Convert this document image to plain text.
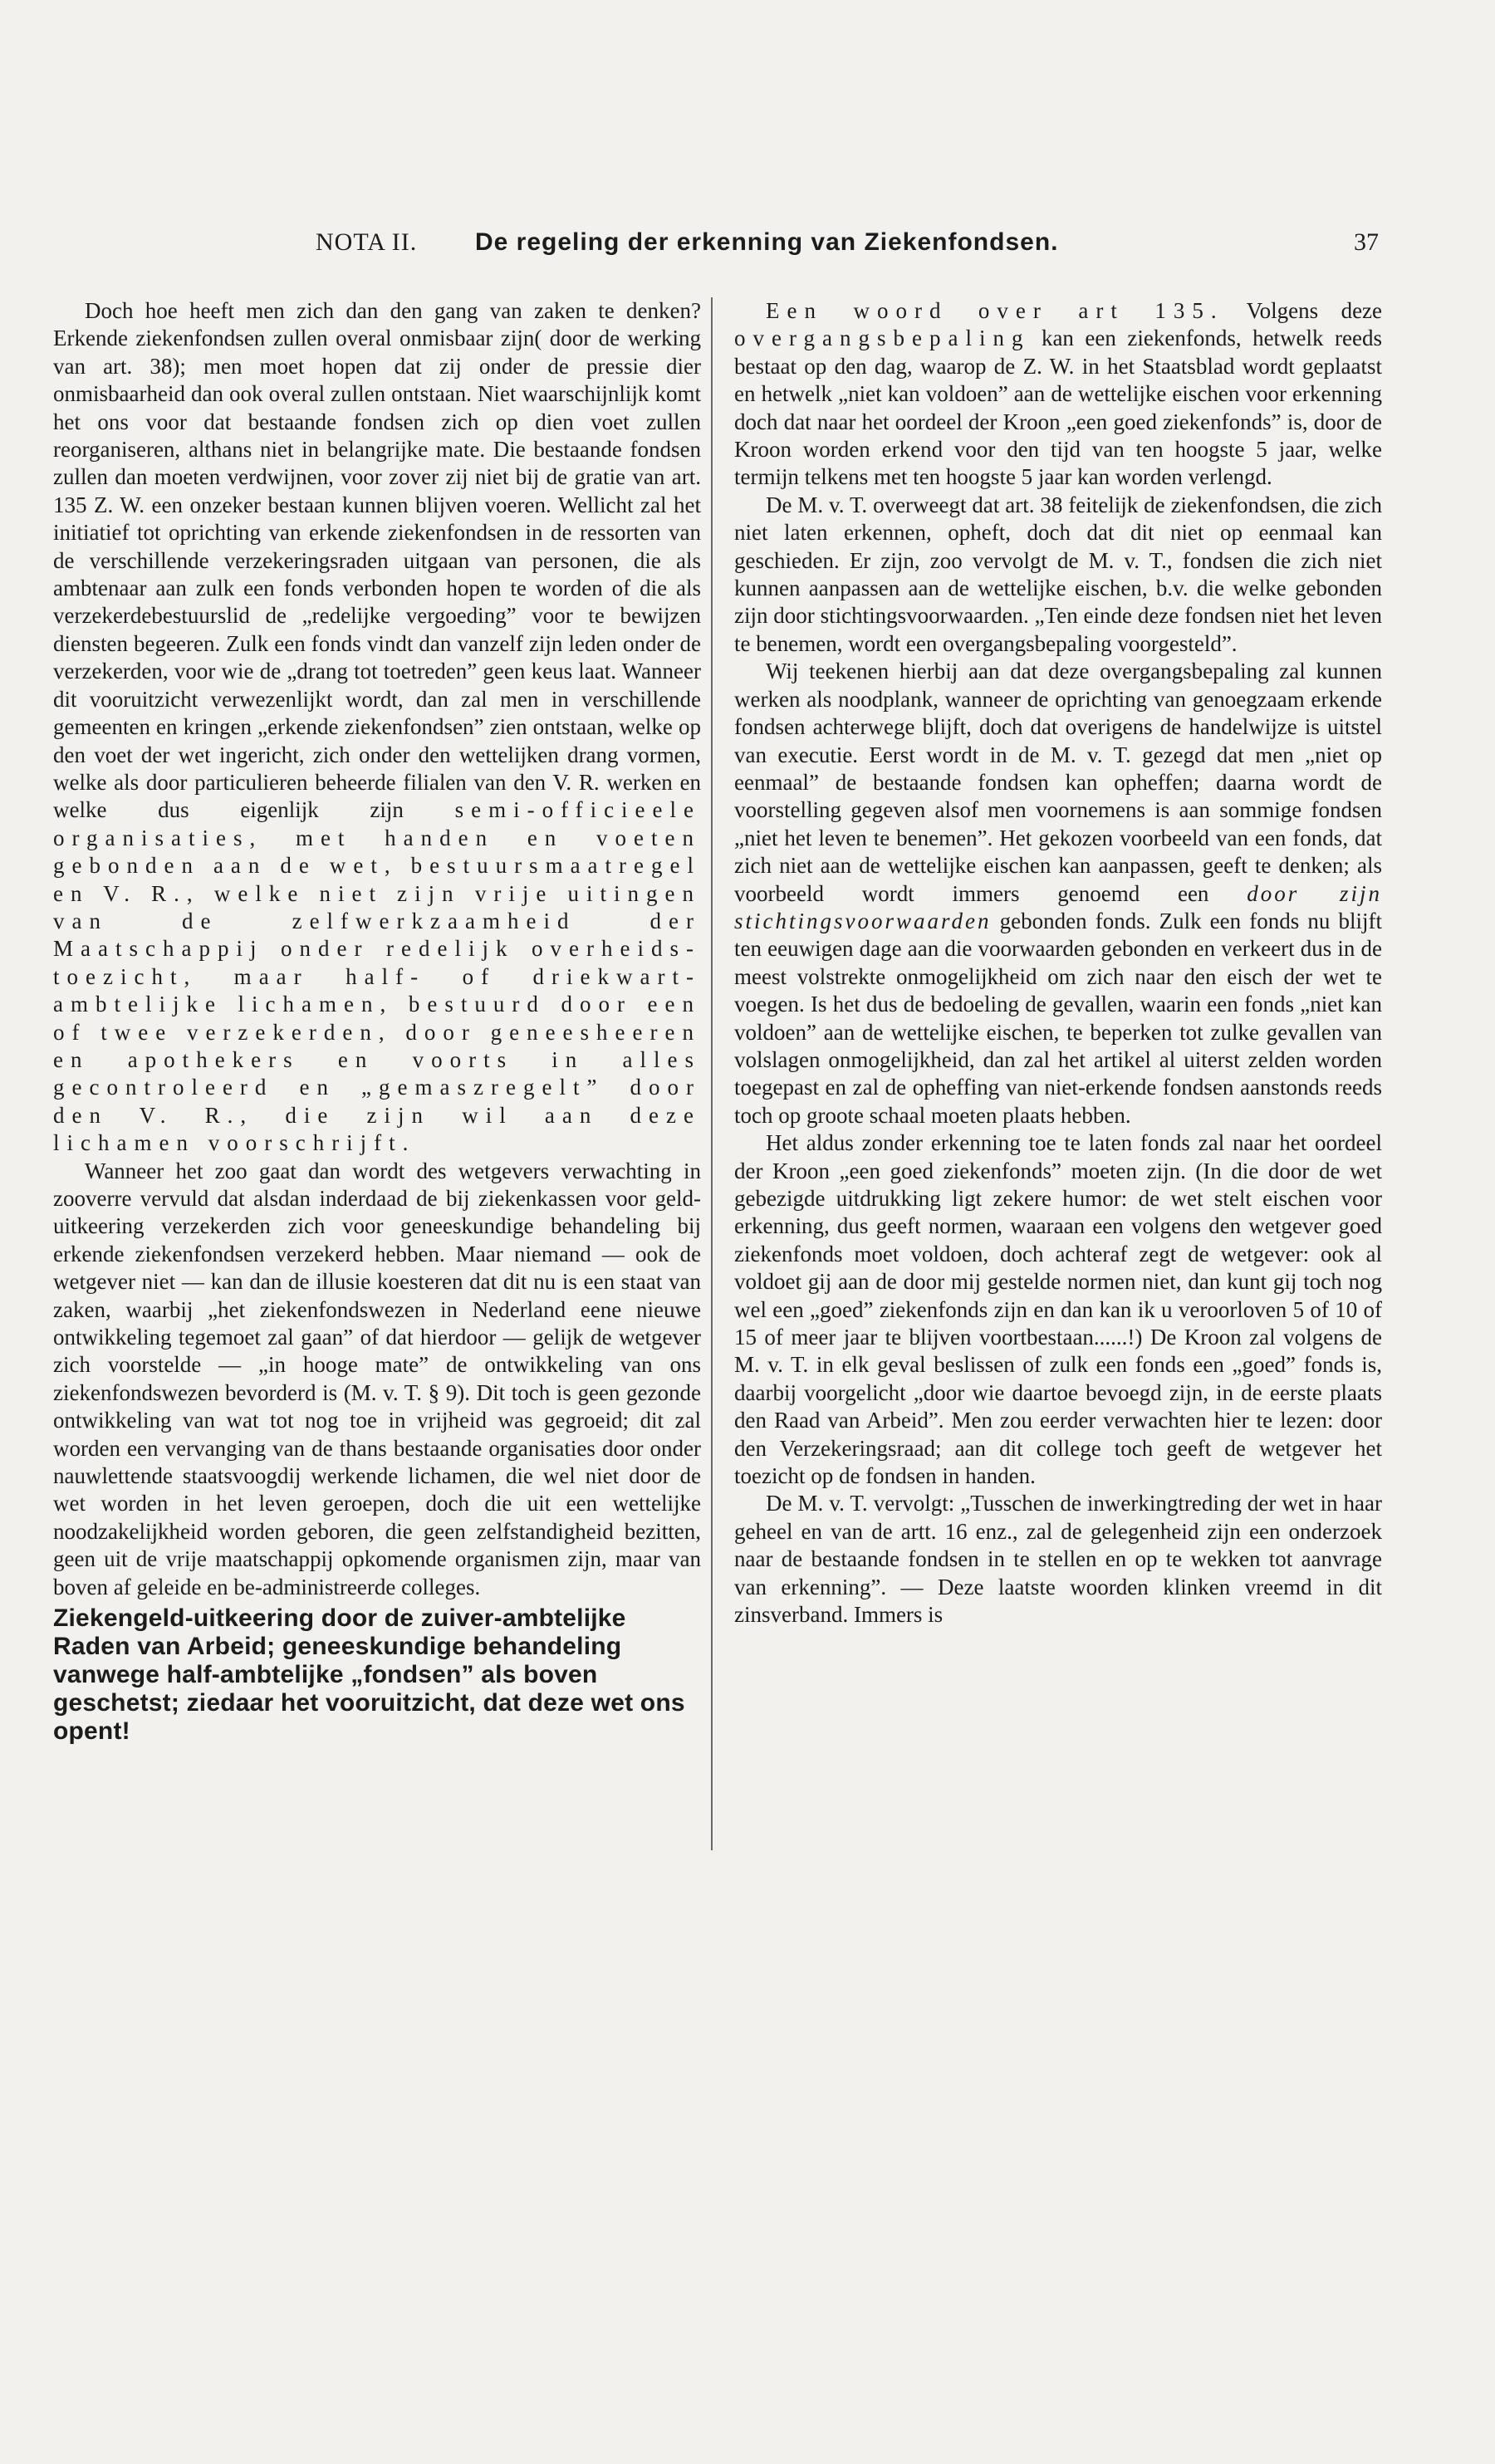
NOTA II. De regeling der erkenning van Ziekenfondsen.	37

Doch hoe heeft men zich dan den gang van zaken te denken? Erkende ziekenfondsen zullen overal onmisbaar zijn( door de werking van art. 38); men moet hopen dat zij onder de pressie dier onmisbaarheid dan ook overal zullen ontstaan. Niet waarschijnlijk komt het ons voor dat bestaande fondsen zich op dien voet zullen reorganiseren, althans niet in belangrijke mate. Die bestaande fondsen zullen dan moeten verdwijnen, voor zover zij niet bij de gratie van art. 135 Z. W. een onzeker bestaan kunnen blijven voeren. Wellicht zal het initiatief tot oprichting van erkende ziekenfondsen in de ressorten van de verschillende verzekeringsraden uitgaan van personen, die als ambtenaar aan zulk een fonds verbonden hopen te worden of die als verzekerdebestuurslid de „redelijke vergoeding” voor te bewijzen diensten begeeren. Zulk een fonds vindt dan vanzelf zijn leden onder de verzekerden, voor wie de „drang tot toetreden” geen keus laat. Wanneer dit vooruitzicht verwezenlijkt wordt, dan zal men in verschillende gemeenten en kringen „erkende ziekenfondsen” zien ontstaan, welke op den voet der wet ingericht, zich onder den wettelijken drang vormen, welke als door particulieren beheerde filialen van den V. R. werken en welke dus eigenlijk zijn semi-officieele organisaties, met handen en voeten gebonden aan de wet, bestuursmaatregel en V. R., welke niet zijn vrije uitingen van de zelfwerkzaamheid der Maatschappij onder redelijk overheids-toezicht, maar half- of driekwart-ambtelijke lichamen, bestuurd door een of twee verzekerden, door geneesheeren en apothekers en voorts in alles gecontroleerd en „gemaszregelt” door den V. R., die zijn wil aan deze lichamen voorschrijft.

Wanneer het zoo gaat dan wordt des wetgevers verwachting in zooverre vervuld dat alsdan inderdaad de bij ziekenkassen voor geld-uitkeering verzekerden zich voor geneeskundige behandeling bij erkende ziekenfondsen verzekerd hebben. Maar niemand — ook de wetgever niet — kan dan de illusie koesteren dat dit nu is een staat van zaken, waarbij „het ziekenfondswezen in Nederland eene nieuwe ontwikkeling tegemoet zal gaan” of dat hierdoor — gelijk de wetgever zich voorstelde — „in hooge mate” de ontwikkeling van ons ziekenfondswezen bevorderd is (M. v. T. § 9). Dit toch is geen gezonde ontwikkeling van wat tot nog toe in vrijheid was gegroeid; dit zal worden een vervanging van de thans bestaande organisaties door onder nauwlettende staatsvoogdij werkende lichamen, die wel niet door de wet worden in het leven geroepen, doch die uit een wettelijke noodzakelijkheid worden geboren, die geen zelfstandigheid bezitten, geen uit de vrije maatschappij opkomende organismen zijn, maar van boven af geleide en be-administreerde colleges.

Ziekengeld-uitkeering door de zuiver-ambtelijke Raden van Arbeid; geneeskundige behandeling vanwege half-ambtelijke „fondsen” als boven geschetst; ziedaar het vooruitzicht, dat deze wet ons opent!

Een woord over art 135. Volgens deze overgangsbepaling kan een ziekenfonds, hetwelk reeds bestaat op den dag, waarop de Z. W. in het Staatsblad wordt geplaatst en hetwelk „niet kan voldoen” aan de wettelijke eischen voor erkenning doch dat naar het oordeel der Kroon „een goed ziekenfonds” is, door de Kroon worden erkend voor den tijd van ten hoogste 5 jaar, welke termijn telkens met ten hoogste 5 jaar kan worden verlengd.

De M. v. T. overweegt dat art. 38 feitelijk de ziekenfondsen, die zich niet laten erkennen, opheft, doch dat dit niet op eenmaal kan geschieden. Er zijn, zoo vervolgt de M. v. T., fondsen die zich niet kunnen aanpassen aan de wettelijke eischen, b.v. die welke gebonden zijn door stichtingsvoorwaarden. „Ten einde deze fondsen niet het leven te benemen, wordt een overgangsbepaling voorgesteld”.

Wij teekenen hierbij aan dat deze overgangsbepaling zal kunnen werken als noodplank, wanneer de oprichting van genoegzaam erkende fondsen achterwege blijft, doch dat overigens de handelwijze is uitstel van executie. Eerst wordt in de M. v. T. gezegd dat men „niet op eenmaal” de bestaande fondsen kan opheffen; daarna wordt de voorstelling gegeven alsof men voornemens is aan sommige fondsen „niet het leven te benemen”. Het gekozen voorbeeld van een fonds, dat zich niet aan de wettelijke eischen kan aanpassen, geeft te denken; als voorbeeld wordt immers genoemd een door zijn stichtingsvoorwaarden gebonden fonds. Zulk een fonds nu blijft ten eeuwigen dage aan die voorwaarden gebonden en verkeert dus in de meest volstrekte onmogelijkheid om zich naar den eisch der wet te voegen. Is het dus de bedoeling de gevallen, waarin een fonds „niet kan voldoen” aan de wettelijke eischen, te beperken tot zulke gevallen van volslagen onmogelijkheid, dan zal het artikel al uiterst zelden worden toegepast en zal de opheffing van niet-erkende fondsen aanstonds reeds toch op groote schaal moeten plaats hebben.

Het aldus zonder erkenning toe te laten fonds zal naar het oordeel der Kroon „een goed ziekenfonds” moeten zijn. (In die door de wet gebezigde uitdrukking ligt zekere humor: de wet stelt eischen voor erkenning, dus geeft normen, waaraan een volgens den wetgever goed ziekenfonds moet voldoen, doch achteraf zegt de wetgever: ook al voldoet gij aan de door mij gestelde normen niet, dan kunt gij toch nog wel een „goed” ziekenfonds zijn en dan kan ik u veroorloven 5 of 10 of 15 of meer jaar te blijven voortbestaan......!) De Kroon zal volgens de M. v. T. in elk geval beslissen of zulk een fonds een „goed” fonds is, daarbij voorgelicht „door wie daartoe bevoegd zijn, in de eerste plaats den Raad van Arbeid”. Men zou eerder verwachten hier te lezen: door den Verzekeringsraad; aan dit college toch geeft de wetgever het toezicht op de fondsen in handen.

De M. v. T. vervolgt: „Tusschen de inwerkingtreding der wet in haar geheel en van de artt. 16 enz., zal de gelegenheid zijn een onderzoek naar de bestaande fondsen in te stellen en op te wekken tot aanvrage van erkenning”. — Deze laatste woorden klinken vreemd in dit zinsverband. Immers is
